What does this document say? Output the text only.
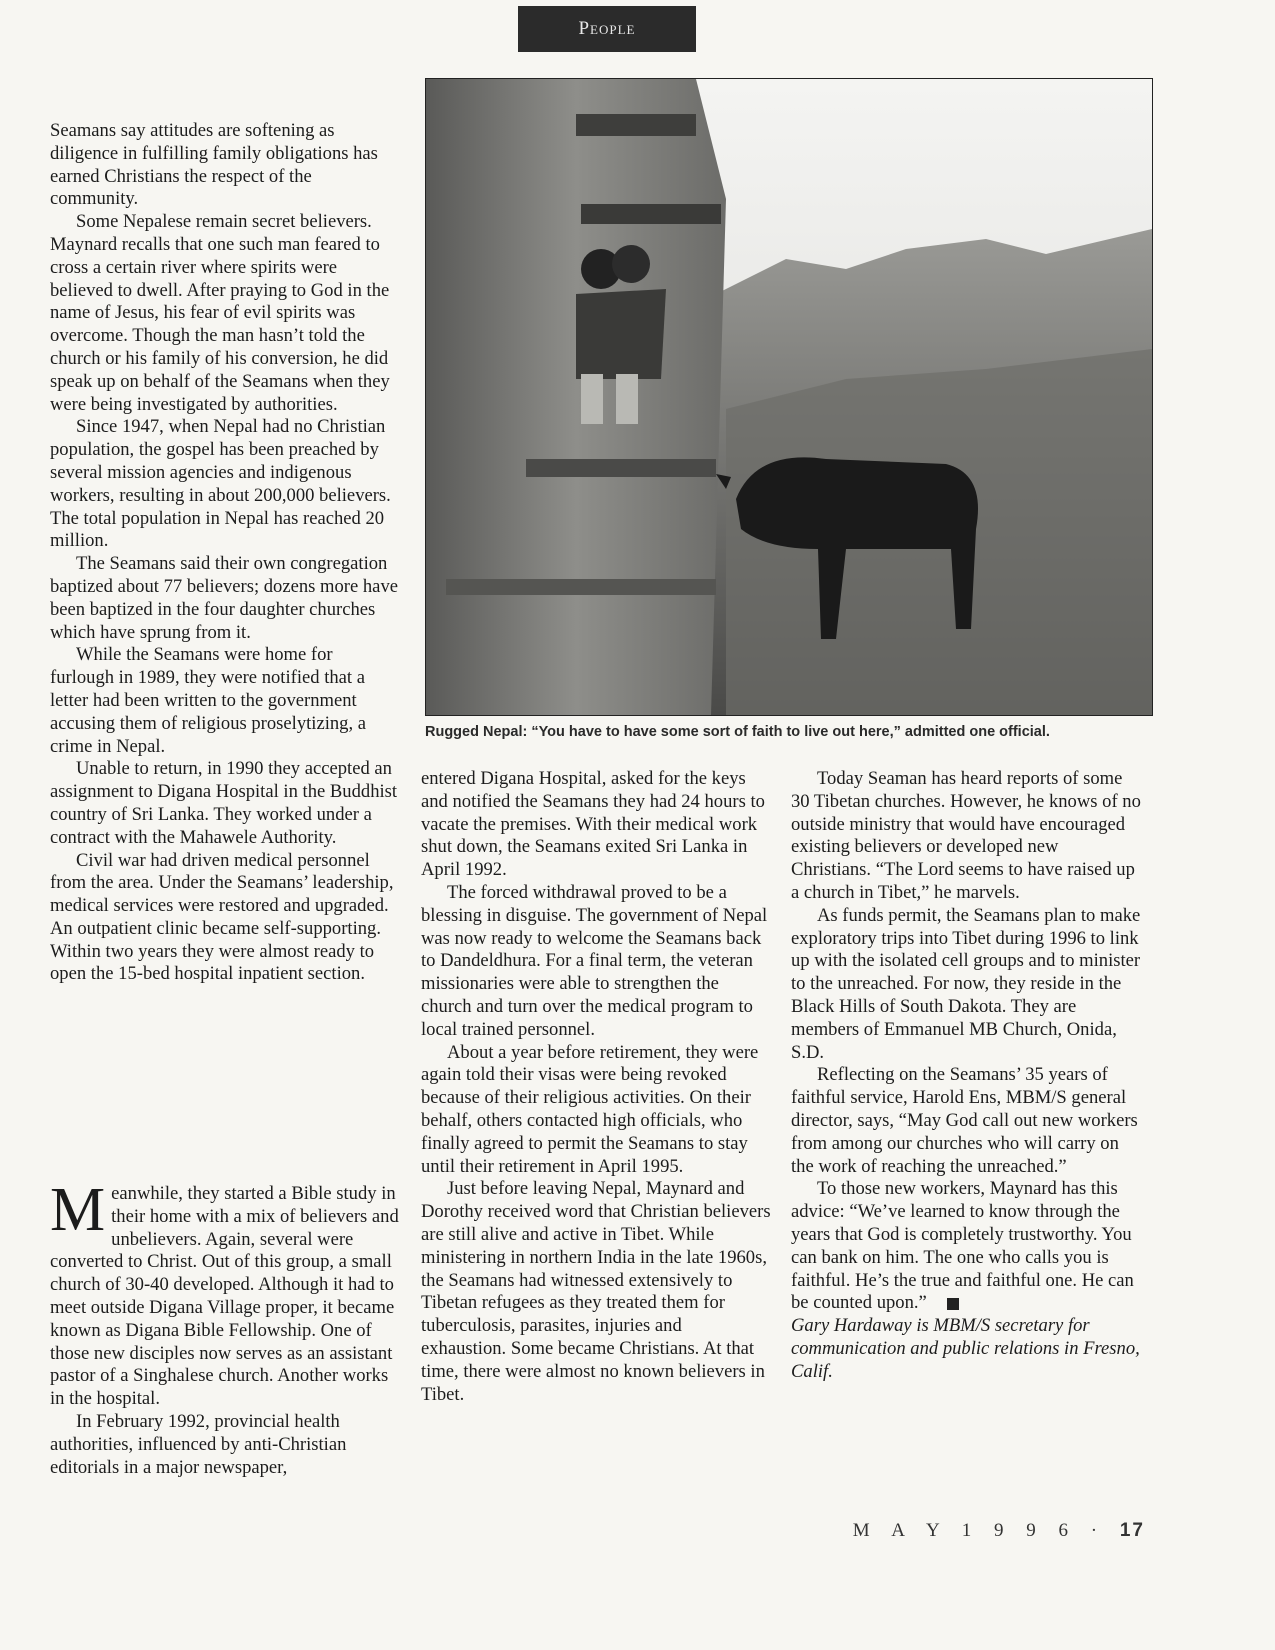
People

Seamans say attitudes are softening as diligence in fulfilling family obligations has earned Christians the respect of the community.

Some Nepalese remain secret believers. Maynard recalls that one such man feared to cross a certain river where spirits were believed to dwell. After praying to God in the name of Jesus, his fear of evil spirits was overcome. Though the man hasn’t told the church or his family of his conversion, he did speak up on behalf of the Seamans when they were being investigated by authorities.

Since 1947, when Nepal had no Christian population, the gospel has been preached by several mission agencies and indigenous workers, resulting in about 200,000 believers. The total population in Nepal has reached 20 million.

The Seamans said their own congregation baptized about 77 believers; dozens more have been baptized in the four daughter churches which have sprung from it.

While the Seamans were home for furlough in 1989, they were notified that a letter had been written to the government accusing them of religious proselytizing, a crime in Nepal.

Unable to return, in 1990 they accepted an assignment to Digana Hospital in the Buddhist country of Sri Lanka. They worked under a contract with the Mahawele Authority.

Civil war had driven medical personnel from the area. Under the Seamans’ leadership, medical services were restored and upgraded. An outpatient clinic became self-supporting. Within two years they were almost ready to open the 15-bed hospital inpatient section.

Meanwhile, they started a Bible study in their home with a mix of believers and unbelievers. Again, several were converted to Christ. Out of this group, a small church of 30-40 developed. Although it had to meet outside Digana Village proper, it became known as Digana Bible Fellowship. One of those new disciples now serves as an assistant pastor of a Singhalese church. Another works in the hospital.

In February 1992, provincial health authorities, influenced by anti-Christian editorials in a major newspaper,

Rugged Nepal: “You have to have some sort of faith to live out here,” admitted one official.

entered Digana Hospital, asked for the keys and notified the Seamans they had 24 hours to vacate the premises. With their medical work shut down, the Seamans exited Sri Lanka in April 1992.

The forced withdrawal proved to be a blessing in disguise. The government of Nepal was now ready to welcome the Seamans back to Dandeldhura. For a final term, the veteran missionaries were able to strengthen the church and turn over the medical program to local trained personnel.

About a year before retirement, they were again told their visas were being revoked because of their religious activities. On their behalf, others contacted high officials, who finally agreed to permit the Seamans to stay until their retirement in April 1995.

Just before leaving Nepal, Maynard and Dorothy received word that Christian believers are still alive and active in Tibet. While ministering in northern India in the late 1960s, the Seamans had witnessed extensively to Tibetan refugees as they treated them for tuberculosis, parasites, injuries and exhaustion. Some became Christians. At that time, there were almost no known believers in Tibet.

Today Seaman has heard reports of some 30 Tibetan churches. However, he knows of no outside ministry that would have encouraged existing believers or developed new Christians. “The Lord seems to have raised up a church in Tibet,” he marvels.

As funds permit, the Seamans plan to make exploratory trips into Tibet during 1996 to link up with the isolated cell groups and to minister to the unreached. For now, they reside in the Black Hills of South Dakota. They are members of Emmanuel MB Church, Onida, S.D.

Reflecting on the Seamans’ 35 years of faithful service, Harold Ens, MBM/S general director, says, “May God call out new workers from among our churches who will carry on the work of reaching the unreached.”

To those new workers, Maynard has this advice: “We’ve learned to know through the years that God is completely trustworthy. You can bank on him. The one who calls you is faithful. He’s the true and faithful one. He can be counted upon.”

Gary Hardaway is MBM/S secretary for communication and public relations in Fresno, Calif.

M A Y 1 9 9 6 · 17
